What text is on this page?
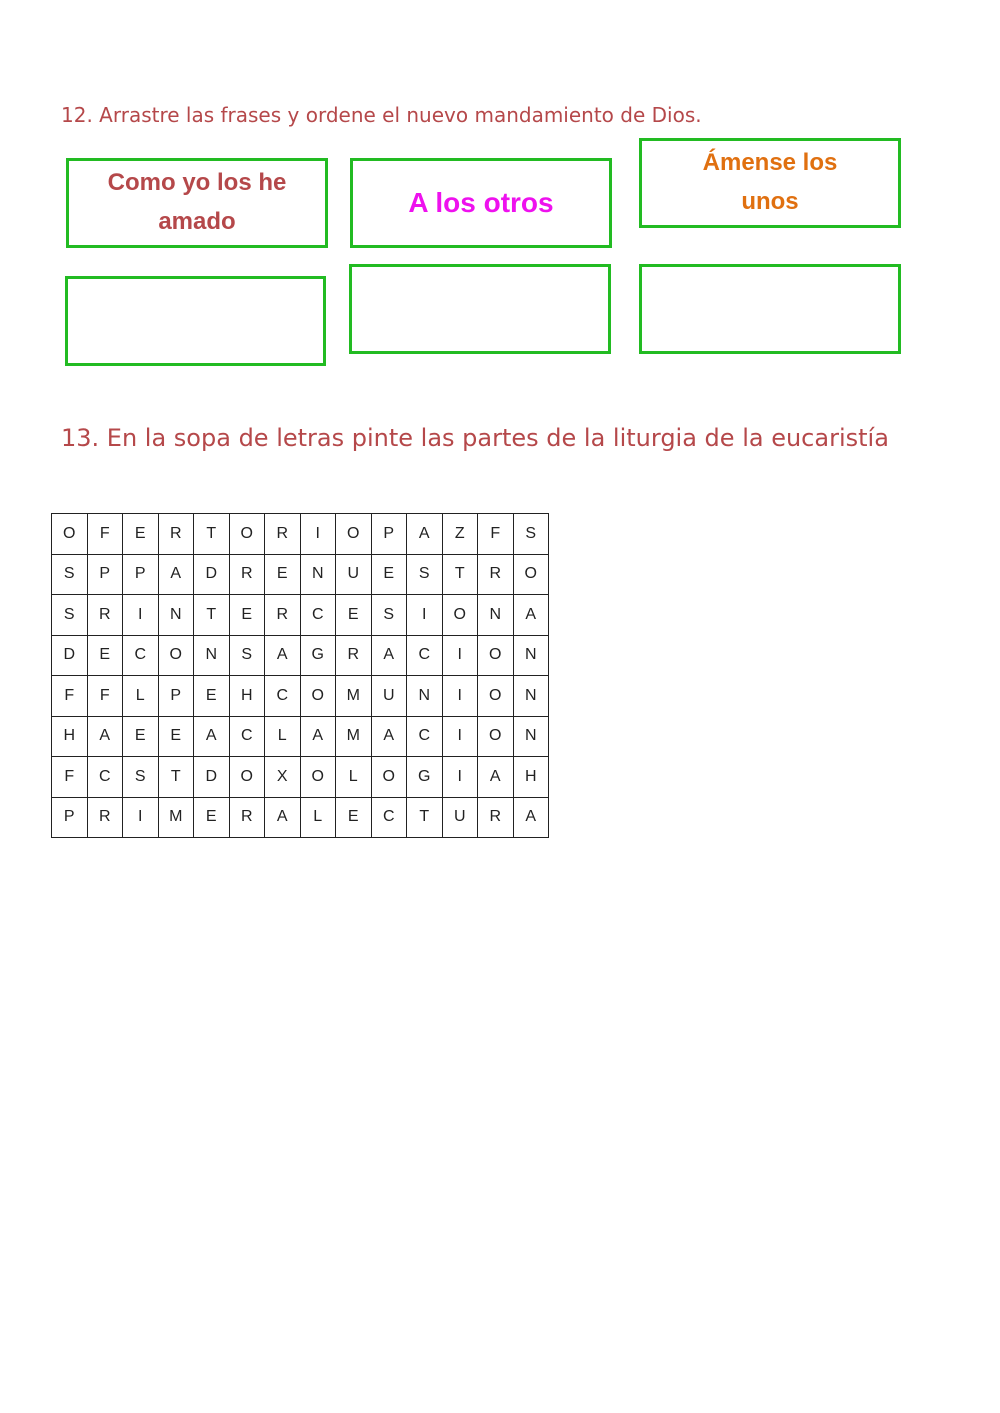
12. Arrastre las frases y ordene el nuevo mandamiento de Dios.

Como yo los he amado
A los otros
Ámense los unos

13. En la sopa de letras pinte las partes de la liturgia de la eucaristía

O	F	E	R	T	O	R	I	O	P	A	Z	F	S
S	P	P	A	D	R	E	N	U	E	S	T	R	O
S	R	I	N	T	E	R	C	E	S	I	O	N	A
D	E	C	O	N	S	A	G	R	A	C	I	O	N
F	F	L	P	E	H	C	O	M	U	N	I	O	N
H	A	E	E	A	C	L	A	M	A	C	I	O	N
F	C	S	T	D	O	X	O	L	O	G	I	A	H
P	R	I	M	E	R	A	L	E	C	T	U	R	A
